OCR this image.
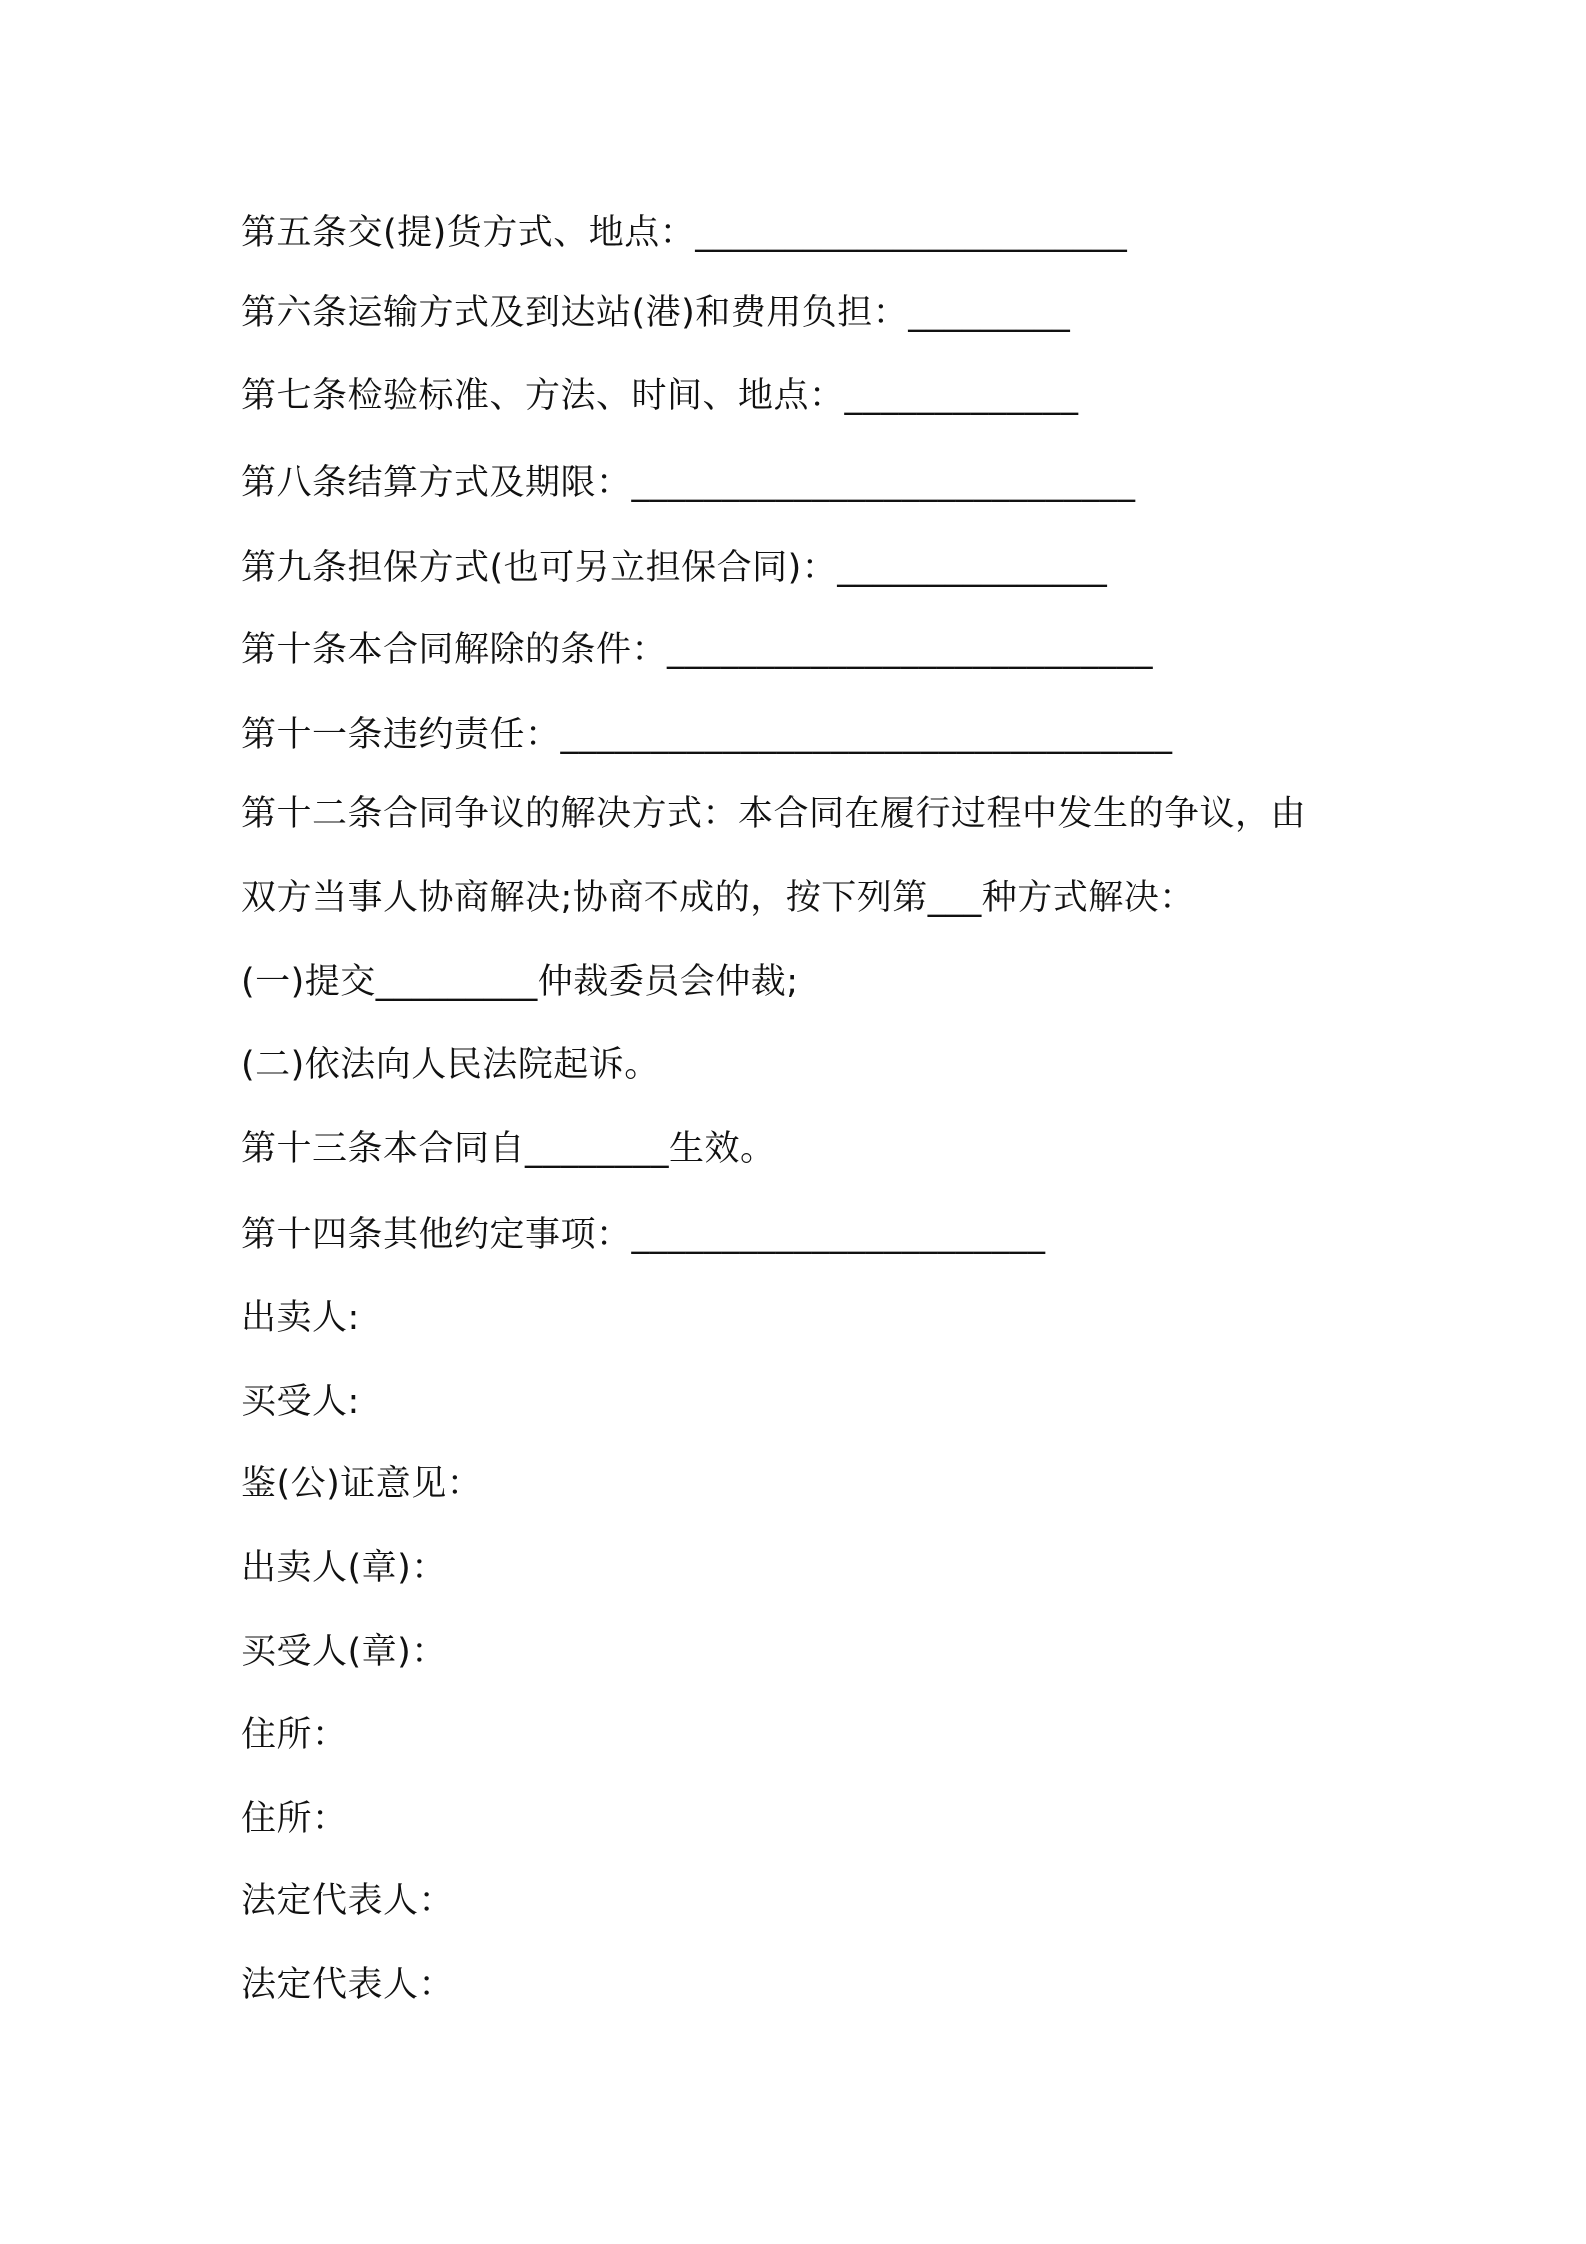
第五条交(提)货方式、地点：________________________
第六条运输方式及到达站(港)和费用负担：_________
第七条检验标准、方法、时间、地点：_____________
第八条结算方式及期限：____________________________
第九条担保方式(也可另立担保合同)：_______________
第十条本合同解除的条件：___________________________
第十一条违约责任：__________________________________
第十二条合同争议的解决方式：本合同在履行过程中发生的争议，由
双方当事人协商解决;协商不成的，按下列第___种方式解决：
(一)提交_________仲裁委员会仲裁;
(二)依法向人民法院起诉。
第十三条本合同自________生效。
第十四条其他约定事项：_______________________
出卖人:
买受人:
鉴(公)证意见：
出卖人(章)：
买受人(章)：
住所：
住所：
法定代表人：
法定代表人：
